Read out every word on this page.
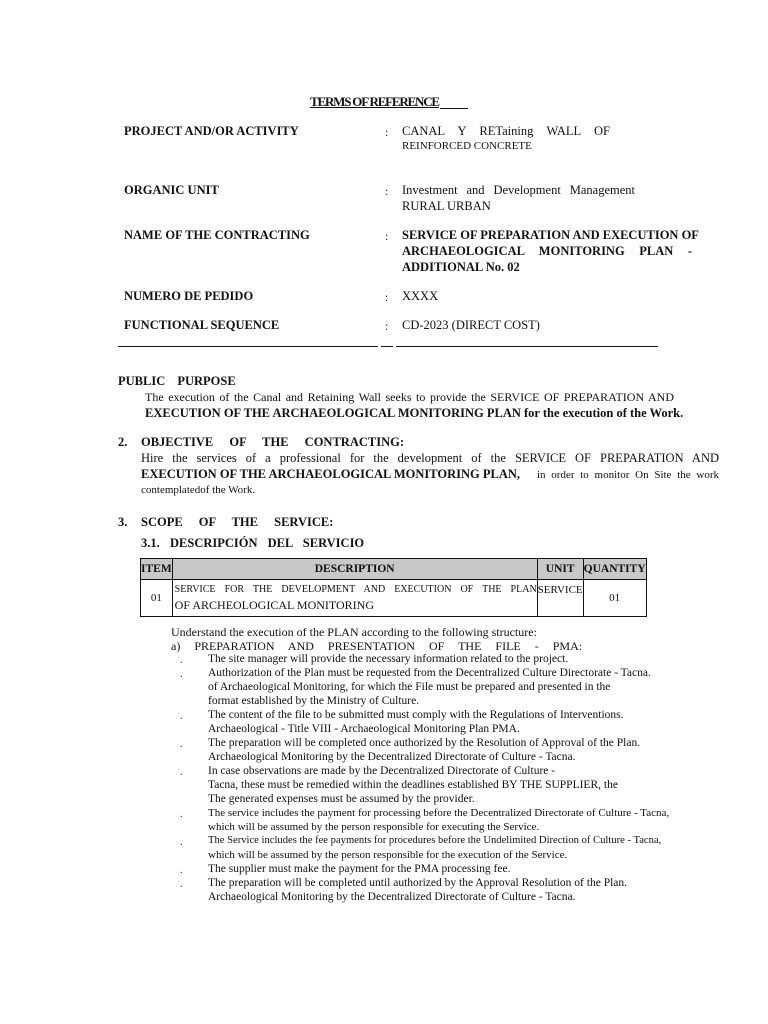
TERMS OF REFERENCE
PROJECT AND/OR ACTIVITY	: CANAL Y RETaining WALL OF
REINFORCED CONCRETE
ORGANIC UNIT	: Investment and Development Management
RURAL URBAN
NAME OF THE CONTRACTING	: SERVICE OF PREPARATION AND EXECUTION OF
ARCHAEOLOGICAL MONITORING PLAN -
ADDITIONAL No. 02
NUMERO DE PEDIDO	: XXXX
FUNCTIONAL SEQUENCE	: CD-2023 (DIRECT COST)
PUBLIC PURPOSE
The execution of the Canal and Retaining Wall seeks to provide the SERVICE OF PREPARATION AND
EXECUTION OF THE ARCHAEOLOGICAL MONITORING PLAN for the execution of the Work.
2. OBJECTIVE OF THE CONTRACTING:
Hire the services of a professional for the development of the SERVICE OF PREPARATION AND
EXECUTION OF THE ARCHAEOLOGICAL MONITORING PLAN, in order to monitor On Site the work
contemplatedof the Work.
3. SCOPE OF THE SERVICE:
3.1. DESCRIPCIÓN DEL SERVICIO
ITEM	DESCRIPTION	UNIT	QUANTITY
01	SERVICE FOR THE DEVELOPMENT AND EXECUTION OF THE PLAN
OF ARCHEOLOGICAL MONITORING	SERVICE	01
Understand the execution of the PLAN according to the following structure:
a) PREPARATION AND PRESENTATION OF THE FILE - PMA:
. The site manager will provide the necessary information related to the project.
. Authorization of the Plan must be requested from the Decentralized Culture Directorate - Tacna.
of Archaeological Monitoring, for which the File must be prepared and presented in the
format established by the Ministry of Culture.
. The content of the file to be submitted must comply with the Regulations of Interventions.
Archaeological - Title VIII - Archaeological Monitoring Plan PMA.
. The preparation will be completed once authorized by the Resolution of Approval of the Plan.
Archaeological Monitoring by the Decentralized Directorate of Culture - Tacna.
. In case observations are made by the Decentralized Directorate of Culture -
Tacna, these must be remedied within the deadlines established BY THE SUPPLIER, the
The generated expenses must be assumed by the provider.
. The service includes the payment for processing before the Decentralized Directorate of Culture - Tacna,
which will be assumed by the person responsible for executing the Service.
. The Service includes the fee payments for procedures before the Undelimited Direction of Culture - Tacna,
which will be assumed by the person responsible for the execution of the Service.
. The supplier must make the payment for the PMA processing fee.
. The preparation will be completed until authorized by the Approval Resolution of the Plan.
Archaeological Monitoring by the Decentralized Directorate of Culture - Tacna.
